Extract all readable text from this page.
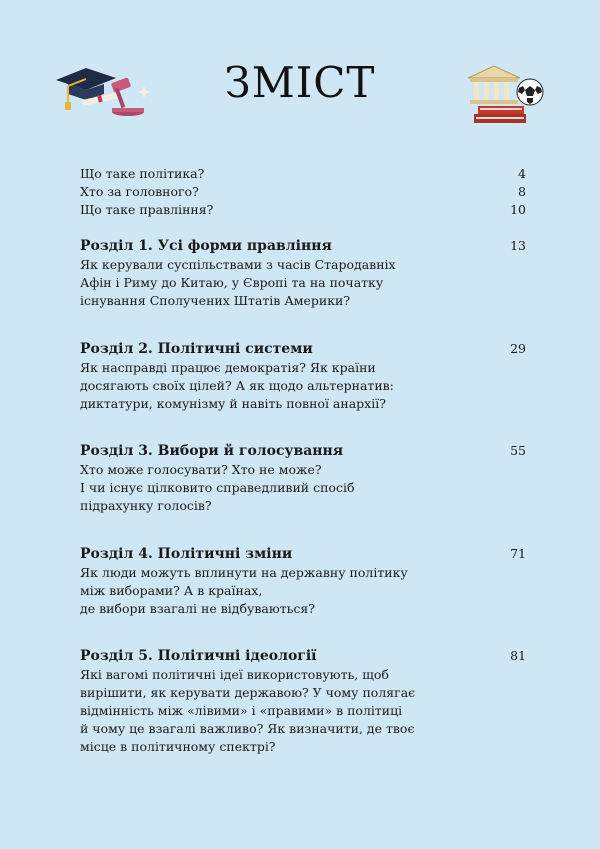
ЗМІСТ
Що таке політика?	4
Хто за головного?	8
Що таке правління?	10
Розділ 1. Усі форми правління	13
Як керували суспільствами з часів Стародавніх
Афін і Риму до Китаю, у Європі та на початку
існування Сполучених Штатів Америки?
Розділ 2. Політичні системи	29
Як насправді працює демократія? Як країни
досягають своїх цілей? А як щодо альтернатив:
диктатури, комунізму й навіть повної анархії?
Розділ 3. Вибори й голосування	55
Хто може голосувати? Хто не може?
І чи існує цілковито справедливий спосіб
підрахунку голосів?
Розділ 4. Політичні зміни	71
Як люди можуть вплинути на державну політику
між виборами? А в країнах,
де вибори взагалі не відбуваються?
Розділ 5. Політичні ідеології	81
Які вагомі політичні ідеї використовують, щоб
вирішити, як керувати державою? У чому полягає
відмінність між «лівими» і «правими» в політиці
й чому це взагалі важливо? Як визначити, де твоє
місце в політичному спектрі?
